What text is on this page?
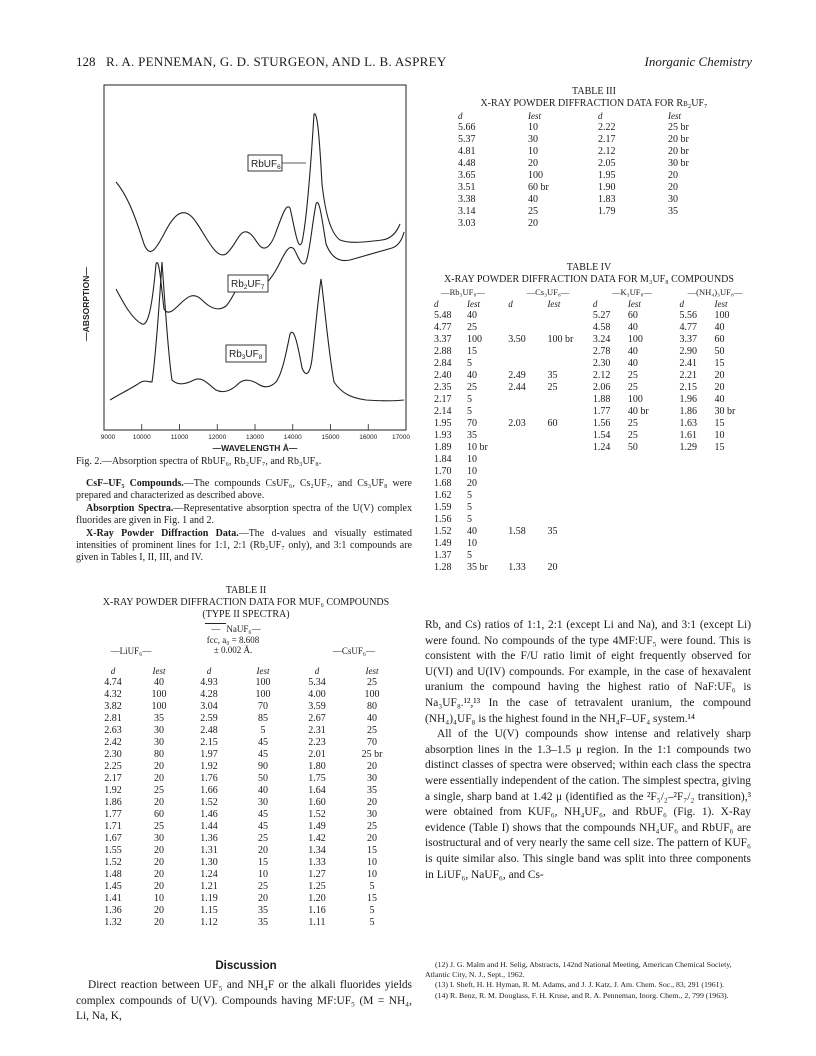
128 R. A. PENNEMAN, G. D. STURGEON, AND L. B. ASPREY	Inorganic Chemistry
9000	10000	11000	12000	13000	14000	15000	16000 17000
—WAVELENGTH Å—
—ABSORPTION—
RbUF$_6$
$Rb_2UF_7$
$Rb_3UF_8$
Fig. 2.—Absorption spectra of RbUF₆, Rb₂UF₇, and Rb₃UF₈.

CsF–UF₅ Compounds.—The compounds CsUF₆, Cs₂UF₇, and Cs₃UF₈ were prepared and characterized as described above.

Absorption Spectra.—Representative absorption spectra of the U(V) complex fluorides are given in Fig. 1 and 2.

X-Ray Powder Diffraction Data.—The d-values and visually estimated intensities of prominent lines for 1:1, 2:1 (Rb₂UF₇ only), and 3:1 compounds are given in Tables I, II, III, and IV.

TABLE II
X-RAY POWDER DIFFRACTION DATA FOR MUF₆ COMPOUNDS
(TYPE II SPECTRA)
— NaUF₆—
fcc, a₀ = 8.608
± 0.002 Å.
—LiUF₆—	—CsUF₆—
d	Iest	d	Iest	d	Iest
4.74	40	4.93	100	5.34	25
4.32	100	4.28	100	4.00	100
3.82	100	3.04	70	3.59	80
2.81	35	2.59	85	2.67	40
2.63	30	2.48	5	2.31	25
2.42	30	2.15	45	2.23	70
2.30	80	1.97	45	2.01	25 br
2.25	20	1.92	90	1.80	20
2.17	20	1.76	50	1.75	30
1.92	25	1.66	40	1.64	35
1.86	20	1.52	30	1.60	20
1.77	60	1.46	45	1.52	30
1.71	25	1.44	45	1.49	25
1.67	30	1.36	25	1.42	20
1.55	20	1.31	20	1.34	15
1.52	20	1.30	15	1.33	10
1.48	20	1.24	10	1.27	10
1.45	20	1.21	25	1.25	5
1.41	10	1.19	20	1.20	15
1.36	20	1.15	35	1.16	5
1.32	20	1.12	35	1.11	5
Discussion

Direct reaction between UF₅ and NH₄F or the alkali fluorides yields complex compounds of U(V). Compounds having MF:UF₅ (M = NH₄, Li, Na, K,

TABLE III
X-RAY POWDER DIFFRACTION DATA FOR Rb₂UF₇
d	Iest	d	Iest
5.66	10	2.22	25 br
5.37	30	2.17	20 br
4.81	10	2.12	20 br
4.48	20	2.05	30 br
3.65	100	1.95	20
3.51	60 br	1.90	20
3.38	40	1.83	30
3.14	25	1.79	35
3.03	20		
TABLE IV
X-RAY POWDER DIFFRACTION DATA FOR M₃UF₈ COMPOUNDS
—Rb₃UF₈—	—Cs₃UF₈—	—K₃UF₈—	—(NH₄)₃UF₈—
d	Iest	d	Iest	d	Iest	d	Iest
5.48	40			5.27	60	5.56	100
4.77	25			4.58	40	4.77	40
3.37	100	3.50	100 br	3.24	100	3.37	60
2.88	15			2.78	40	2.90	50
2.84	5			2.30	40	2.41	15
2.40	40	2.49	35	2.12	25	2.21	20
2.35	25	2.44	25	2.06	25	2.15	20
2.17	5			1.88	100	1.96	40
2.14	5			1.77	40 br	1.86	30 br
1.95	70	2.03	60	1.56	25	1.63	15
1.93	35			1.54	25	1.61	10
1.89	10 br			1.24	50	1.29	15
1.84	10						
1.70	10						
1.68	20						
1.62	5						
1.59	5						
1.56	5						
1.52	40	1.58	35				
1.49	10						
1.37	5						
1.28	35 br	1.33	20				

Rb, and Cs) ratios of 1:1, 2:1 (except Li and Na), and 3:1 (except Li) were found. No compounds of the type 4MF:UF₅ were found. This is consistent with the F/U ratio limit of eight frequently observed for U(VI) and U(IV) compounds. For example, in the case of hexavalent uranium the compound having the highest ratio of NaF:UF₆ is Na₃UF₈.¹²,¹³ In the case of tetravalent uranium, the compound (NH₄)₄UF₈ is the highest found in the NH₄F–UF₄ system.¹⁴

All of the U(V) compounds show intense and relatively sharp absorption lines in the 1.3–1.5 μ region. In the 1:1 compounds two distinct classes of spectra were observed; within each class the spectra were essentially independent of the cation. The simplest spectra, giving a single, sharp band at 1.42 μ (identified as the ²F₅/₂–²F₇/₂ transition),³ were obtained from KUF₆, NH₄UF₆, and RbUF₆ (Fig. 1). X-Ray evidence (Table I) shows that the compounds NH₄UF₆ and RbUF₆ are isostructural and of very nearly the same cell size. The pattern of KUF₆ is quite similar also. This single band was split into three components in LiUF₆, NaUF₆, and Cs-

(12) J. G. Malm and H. Selig, Abstracts, 142nd National Meeting, American Chemical Society, Atlantic City, N. J., Sept., 1962.

(13) I. Sheft, H. H. Hyman, R. M. Adams, and J. J. Katz, J. Am. Chem. Soc., 83, 291 (1961).

(14) R. Benz, R. M. Douglass, F. H. Kruse, and R. A. Penneman, Inorg. Chem., 2, 799 (1963).
